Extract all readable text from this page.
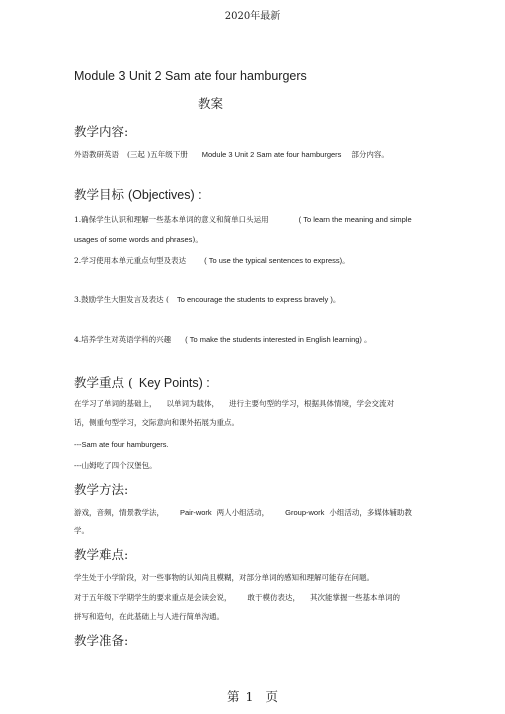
2020年最新
Module 3 Unit 2 Sam ate four hamburgers
教案
教学内容:
外语教研英语 (三起 )五年级下册 Module 3 Unit 2 Sam ate four hamburgers 部分内容。
教学目标 (Objectives) :
1.确保学生认识和理解一些基本单词的意义和简单口头运用	( To learn the meaning and simple
usages of some words and phrases)。
2.学习使用本单元重点句型及表达 ( To use the typical sentences to express)。
3.鼓励学生大胆发言及表达 ( To encourage the students to express bravely )。
4.培养学生对英语学科的兴趣 ( To make the students interested in English learning) 。
教学重点 ( Key Points) :
在学习了单词的基础上， 以单词为载体， 进行主要句型的学习，根据具体情境，学会交流对
话，侧重句型学习，交际意向和课外拓展为重点。
---Sam ate four hamburgers.
---山姆吃了四个汉堡包。
教学方法:
游戏，音频，情景教学法， Pair-work 两人小组活动， Group-work 小组活动，多媒体辅助教
学。
教学难点:
学生处于小学阶段，对一些事物的认知尚且模糊，对部分单词的感知和理解可能存在问题。
对于五年级下学期学生的要求重点是会读会说， 敢于模仿表达， 其次能掌握一些基本单词的
拼写和造句，在此基础上与人进行简单沟通。
教学准备:
第 1 页
